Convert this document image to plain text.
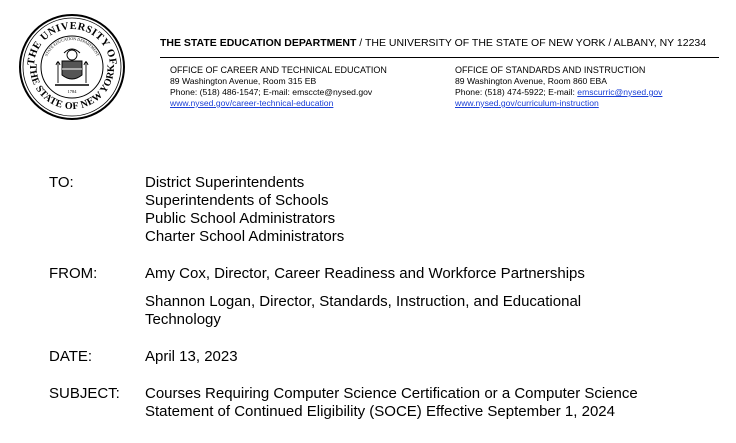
THE UNIVERSITY OF
THE STATE OF NEW YORK
STATE EDUCATION DEPARTMENT
1784
THE STATE EDUCATION DEPARTMENT / THE UNIVERSITY OF THE STATE OF NEW YORK / ALBANY, NY 12234
OFFICE OF CAREER AND TECHNICAL EDUCATION
89 Washington Avenue, Room 315 EB
Phone: (518) 486-1547; E-mail: emsccte@nysed.gov
www.nysed.gov/career-technical-education
OFFICE OF STANDARDS AND INSTRUCTION
89 Washington Avenue, Room 860 EBA
Phone: (518) 474-5922; E-mail: emscurric@nysed.gov
www.nysed.gov/curriculum-instruction
TO:	District Superintendents
Superintendents of Schools
Public School Administrators
Charter School Administrators
FROM:	Amy Cox, Director, Career Readiness and Workforce Partnerships
Shannon Logan, Director, Standards, Instruction, and Educational
Technology
DATE:	April 13, 2023
SUBJECT: Courses Requiring Computer Science Certification or a Computer Science
Statement of Continued Eligibility (SOCE) Effective September 1, 2024
